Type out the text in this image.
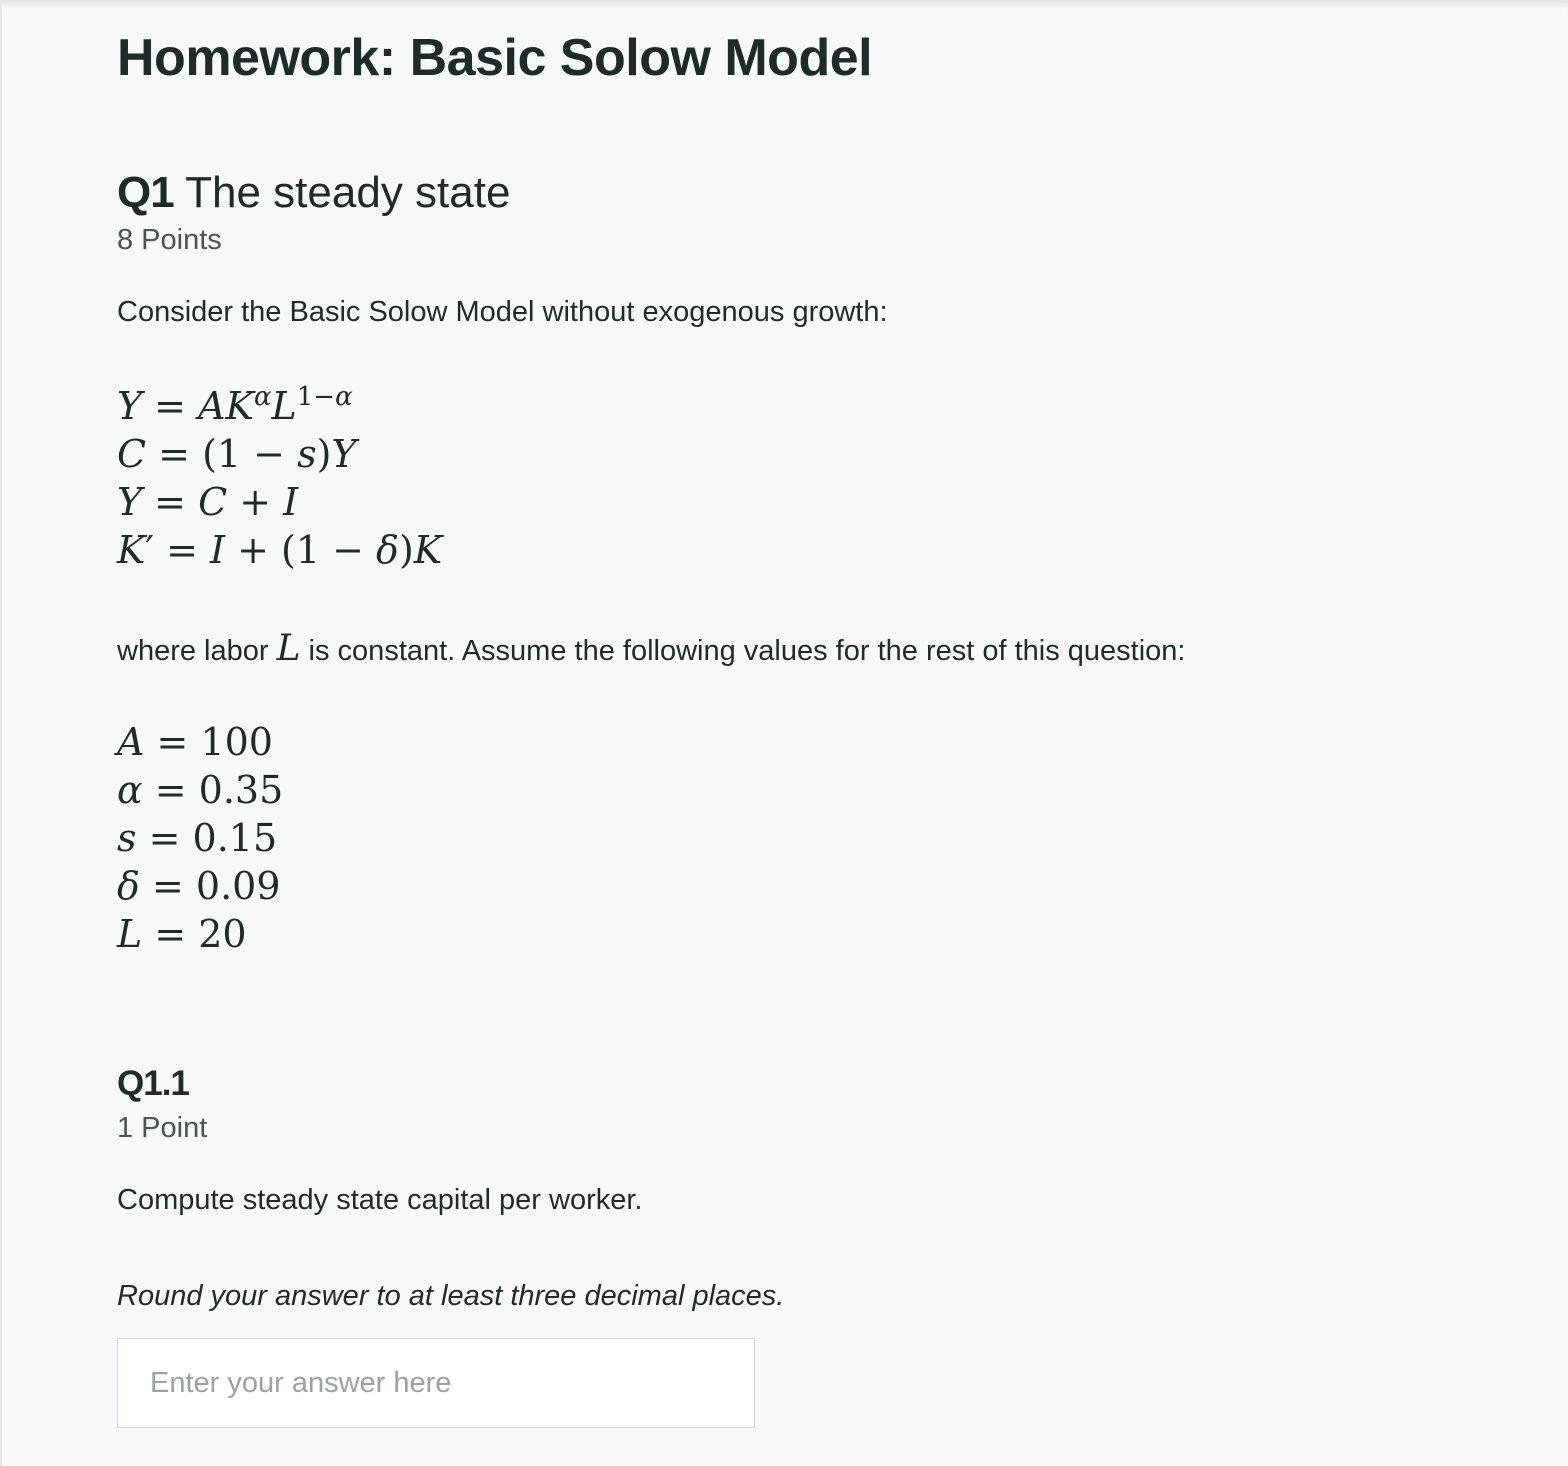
Homework: Basic Solow Model
Q1 The steady state
8 Points
Consider the Basic Solow Model without exogenous growth:
$Y = AK^\alpha L^{1-\alpha}$
C = (1 − s)Y
Y = C + I
K′ = I + (1 − δ)K
where labor L is constant. Assume the following values for the rest of this question:
A = 100
α = 0.35
s = 0.15
δ = 0.09
L = 20
Q1.1
1 Point
Compute steady state capital per worker.
Round your answer to at least three decimal places.
Enter your answer here
